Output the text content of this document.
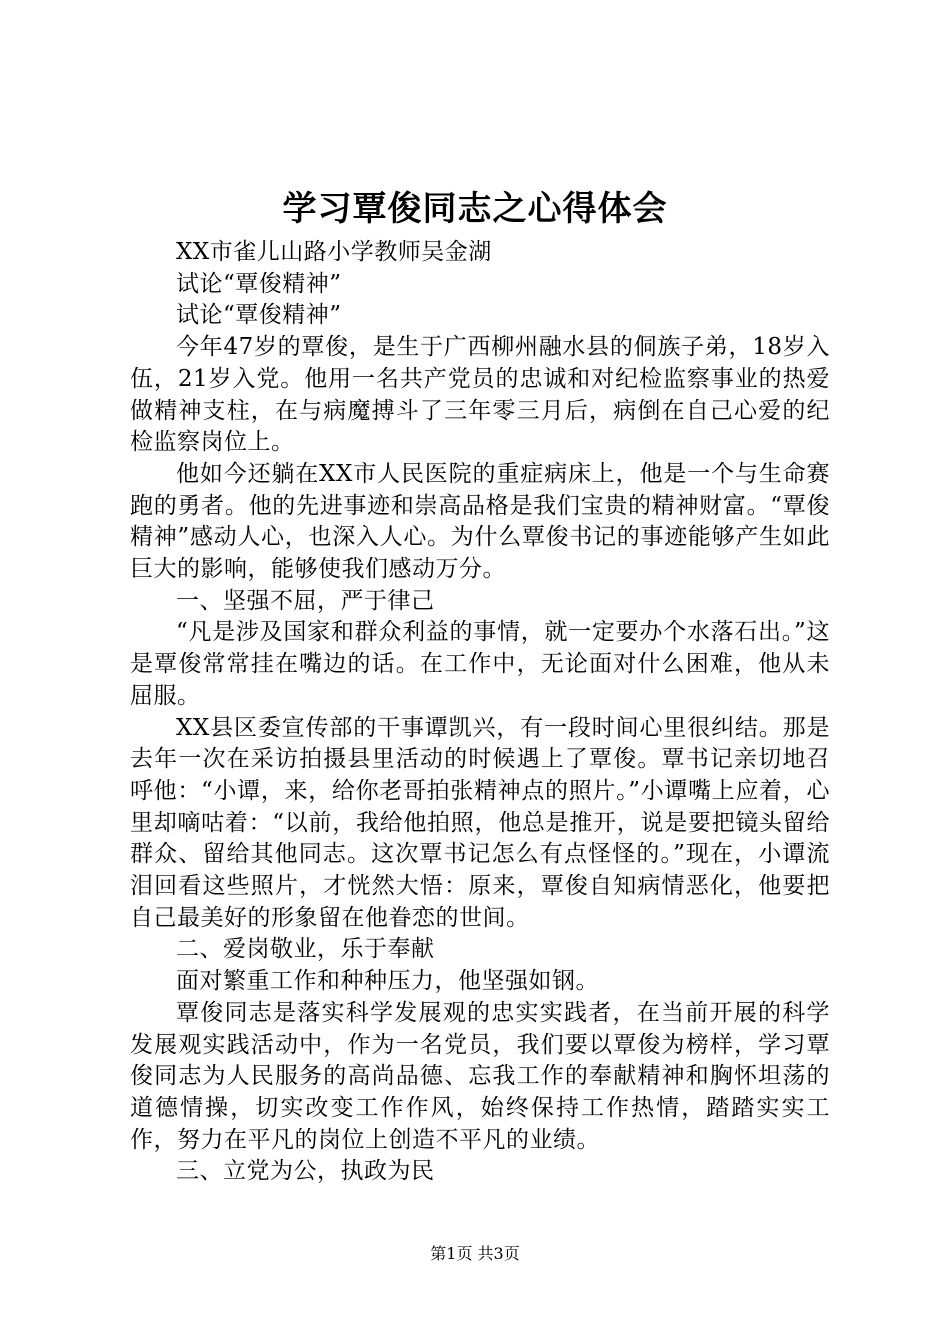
学习覃俊同志之心得体会

XX市雀儿山路小学教师吴金湖

试论“覃俊精神”

试论“覃俊精神”

今年47岁的覃俊，是生于广西柳州融水县的侗族子弟，18岁入伍，21岁入党。他用一名共产党员的忠诚和对纪检监察事业的热爱做精神支柱，在与病魔搏斗了三年零三月后，病倒在自己心爱的纪检监察岗位上。

他如今还躺在XX市人民医院的重症病床上，他是一个与生命赛跑的勇者。他的先进事迹和崇高品格是我们宝贵的精神财富。“覃俊精神”感动人心，也深入人心。为什么覃俊书记的事迹能够产生如此巨大的影响，能够使我们感动万分。

一、坚强不屈，严于律己

“凡是涉及国家和群众利益的事情，就一定要办个水落石出。”这是覃俊常常挂在嘴边的话。在工作中，无论面对什么困难，他从未屈服。

XX县区委宣传部的干事谭凯兴，有一段时间心里很纠结。那是去年一次在采访拍摄县里活动的时候遇上了覃俊。覃书记亲切地召呼他：“小谭，来，给你老哥拍张精神点的照片。”小谭嘴上应着，心里却嘀咕着：“以前，我给他拍照，他总是推开，说是要把镜头留给群众、留给其他同志。这次覃书记怎么有点怪怪的。”现在，小谭流泪回看这些照片，才恍然大悟：原来，覃俊自知病情恶化，他要把自己最美好的形象留在他眷恋的世间。

二、爱岗敬业，乐于奉献

面对繁重工作和种种压力，他坚强如钢。

覃俊同志是落实科学发展观的忠实实践者，在当前开展的科学发展观实践活动中，作为一名党员，我们要以覃俊为榜样，学习覃俊同志为人民服务的高尚品德、忘我工作的奉献精神和胸怀坦荡的道德情操，切实改变工作作风，始终保持工作热情，踏踏实实工作，努力在平凡的岗位上创造不平凡的业绩。

三、立党为公，执政为民

第1页 共3页
